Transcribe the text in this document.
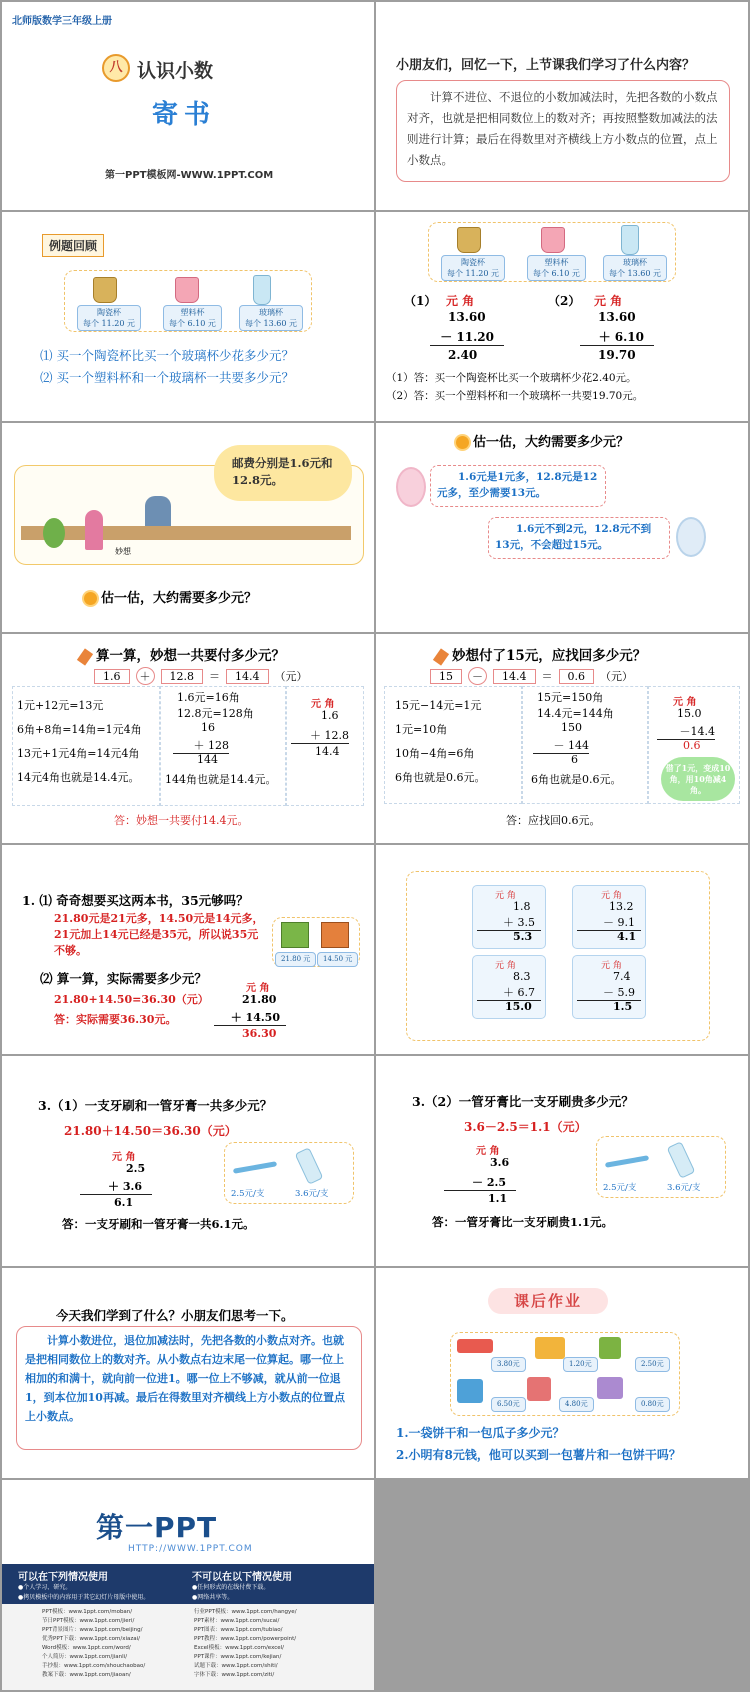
北师版数学三年级上册
八 认识小数
寄书
第一PPT模板网-WWW.1PPT.COM
小朋友们，回忆一下，上节课我们学习了什么内容？
计算不进位、不退位的小数加减法时，先把各数的小数点对齐，也就是把相同数位上的数对齐；再按照整数加减法的法则进行计算；最后在得数里对齐横线上方小数点的位置，点上小数点。
例题回顾
陶瓷杯
每个 11.20 元
塑料杯
每个 6.10 元
玻璃杯
每个 13.60 元
⑴ 买一个陶瓷杯比买一个玻璃杯少花多少元？
⑵ 买一个塑料杯和一个玻璃杯一共要多少元？
陶瓷杯
每个 11.20 元
塑料杯
每个 6.10 元
玻璃杯
每个 13.60 元
（1） 元 角
13.60
－ 11.20
2.40
（2） 元 角
13.60
＋ 6.10
19.70
（1）答：买一个陶瓷杯比买一个玻璃杯少花2.40元。
（2）答：买一个塑料杯和一个玻璃杯一共要19.70元。
妙想
邮费分别是1.6元和12.8元。
估一估，大约需要多少元？
估一估，大约需要多少元？
1.6元是1元多，12.8元是12元多，至少需要13元。
1.6元不到2元，12.8元不到13元，不会超过15元。
算一算，妙想一共要付多少元？
1.6	＋	12.8	＝	14.4	（元）
1元+12元=13元
6角+8角=14角=1元4角
13元+1元4角=14元4角
14元4角也就是14.4元。
1.6元=16角
12.8元=128角
16
＋ 128
144
144角也就是14.4元。
元 角
1.6
＋ 12.8
14.4
答：妙想一共要付14.4元。
妙想付了15元，应找回多少元？
15	－	14.4	＝	0.6	（元）
15元−14元=1元
1元=10角
10角−4角=6角
6角也就是0.6元。
15元=150角
14.4元=144角
150
－ 144
6
6角也就是0.6元。
元 角
15.0
－14.4
0.6
借了1元，变成10角，用10角减4角。
答：应找回0.6元。
1. ⑴ 奇奇想要买这两本书，35元够吗？
21.80元是21元多，14.50元是14元多，21元加上14元已经是35元，所以说35元不够。
21.80 元	14.50 元
⑵ 算一算，实际需要多少元？
21.80+14.50=36.30（元）
答：实际需要36.30元。
元 角
21.80
＋ 14.50
36.30
元 角
1.8
＋ 3.5
5.3
元 角
13.2
－ 9.1
4.1
元 角
8.3
＋ 6.7
15.0
元 角
7.4
－ 5.9
1.5
3.（1）一支牙刷和一管牙膏一共多少元？
21.80＋14.50＝36.30（元）
元 角
2.5
＋ 3.6
6.1
2.5元/支	3.6元/支
答：一支牙刷和一管牙膏一共6.1元。
3.（2）一管牙膏比一支牙刷贵多少元？
3.6－2.5＝1.1（元）
元 角
3.6
－ 2.5
1.1
2.5元/支	3.6元/支
答：一管牙膏比一支牙刷贵1.1元。
今天我们学到了什么？小朋友们思考一下。
计算小数进位，退位加减法时，先把各数的小数点对齐。也就是把相同数位上的数对齐。从小数点右边末尾一位算起。哪一位上相加的和满十，就向前一位进1。哪一位上不够减，就从前一位退1，到本位加10再减。最后在得数里对齐横线上方小数点的位置点上小数点。
课后作业
3.80元	1.20元	2.50元
6.50元	4.80元	0.80元
1.一袋饼干和一包瓜子多少元？
2.小明有8元钱，他可以买到一包薯片和一包饼干吗？
第一PPT
HTTP://WWW.1PPT.COM
可以在下列情况使用
●个人学习、研究。
●拷贝模板中的内容用于其它幻灯片母版中使用。
不可以在以下情况使用
●任何形式的在线付费下载。
●网络共享等。
PPT模板：www.1ppt.com/moban/
节日PPT模板：www.1ppt.com/jieri/
PPT背景图片：www.1ppt.com/beijing/
优秀PPT下载：www.1ppt.com/xiazai/
Word模板：www.1ppt.com/word/
个人简历：www.1ppt.com/jianli/
手抄报：www.1ppt.com/shouchaobao/
教案下载：www.1ppt.com/jiaoan/
行业PPT模板：www.1ppt.com/hangye/
PPT素材：www.1ppt.com/sucai/
PPT图表：www.1ppt.com/tubiao/
PPT教程：www.1ppt.com/powerpoint/
Excel模板：www.1ppt.com/excel/
PPT课件：www.1ppt.com/kejian/
试题下载：www.1ppt.com/shiti/
字体下载：www.1ppt.com/ziti/
